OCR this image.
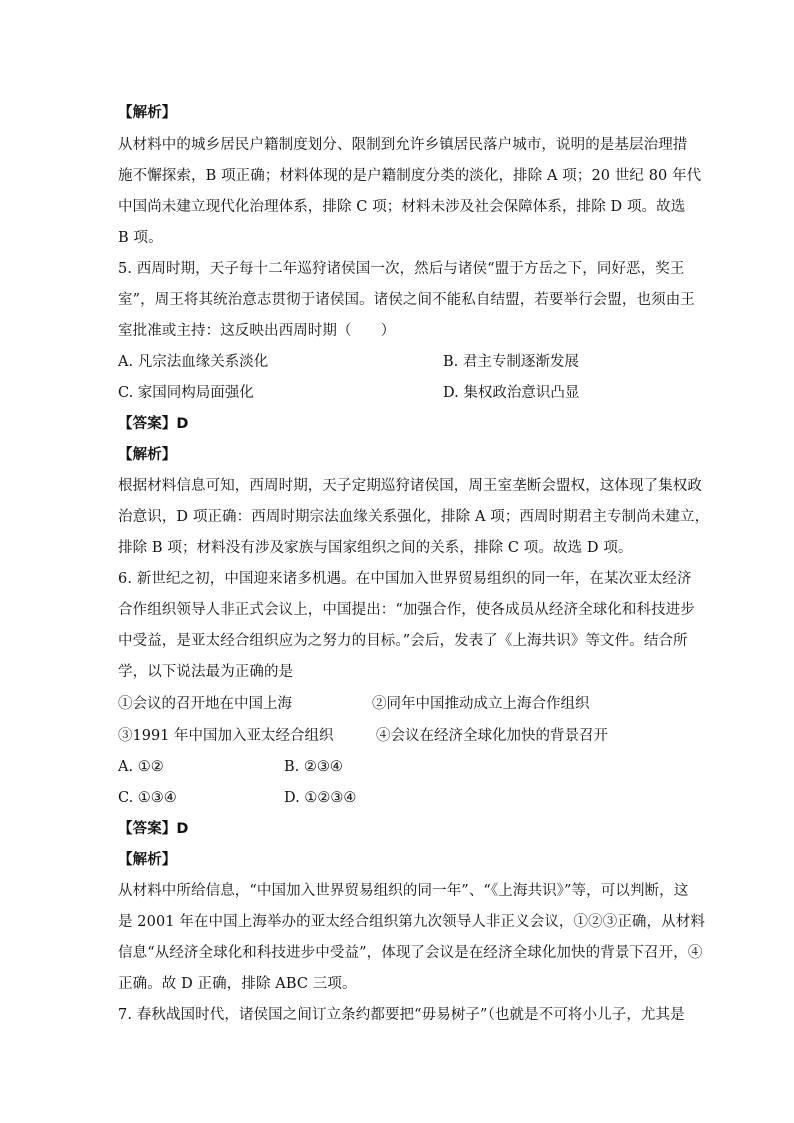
【解析】
从材料中的城乡居民户籍制度划分、限制到允许乡镇居民落户城市，说明的是基层治理措
施不懈探索，B 项正确；材料体现的是户籍制度分类的淡化，排除 A 项；20 世纪 80 年代
中国尚未建立现代化治理体系，排除 C 项；材料未涉及社会保障体系，排除 D 项。故选
B 项。
5. 西周时期，天子每十二年巡狩诸侯国一次，然后与诸侯“盟于方岳之下，同好恶，奖王
室”，周王将其统治意志贯彻于诸侯国。诸侯之间不能私自结盟，若要举行会盟，也须由王
室批准或主持：这反映出西周时期（　　）
A. 凡宗法血缘关系淡化	B. 君主专制逐渐发展
C. 家国同构局面强化	D. 集权政治意识凸显
【答案】D
【解析】
根据材料信息可知，西周时期，天子定期巡狩诸侯国，周王室垄断会盟权，这体现了集权政
治意识，D 项正确：西周时期宗法血缘关系强化，排除 A 项；西周时期君主专制尚未建立，
排除 B 项；材料没有涉及家族与国家组织之间的关系，排除 C 项。故选 D 项。
6. 新世纪之初，中国迎来诸多机遇。在中国加入世界贸易组织的同一年，在某次亚太经济
合作组织领导人非正式会议上，中国提出：“加强合作，使各成员从经济全球化和科技进步
中受益，是亚太经合组织应为之努力的目标。”会后，发表了《上海共识》等文件。结合所
学，以下说法最为正确的是
①会议的召开地在中国上海	②同年中国推动成立上海合作组织
③1991 年中国加入亚太经合组织	④会议在经济全球化加快的背景召开
A. ①②	B. ②③④
C. ①③④	D. ①②③④
【答案】D
【解析】
从材料中所给信息，“中国加入世界贸易组织的同一年”、“《上海共识》”等，可以判断，这
是 2001 年在中国上海举办的亚太经合组织第九次领导人非正义会议，①②③正确，从材料
信息“从经济全球化和科技进步中受益”，体现了会议是在经济全球化加快的背景下召开，④
正确。故 D 正确，排除 ABC 三项。
7. 春秋战国时代，诸侯国之间订立条约都要把“毋易树子”（也就是不可将小儿子，尤其是
